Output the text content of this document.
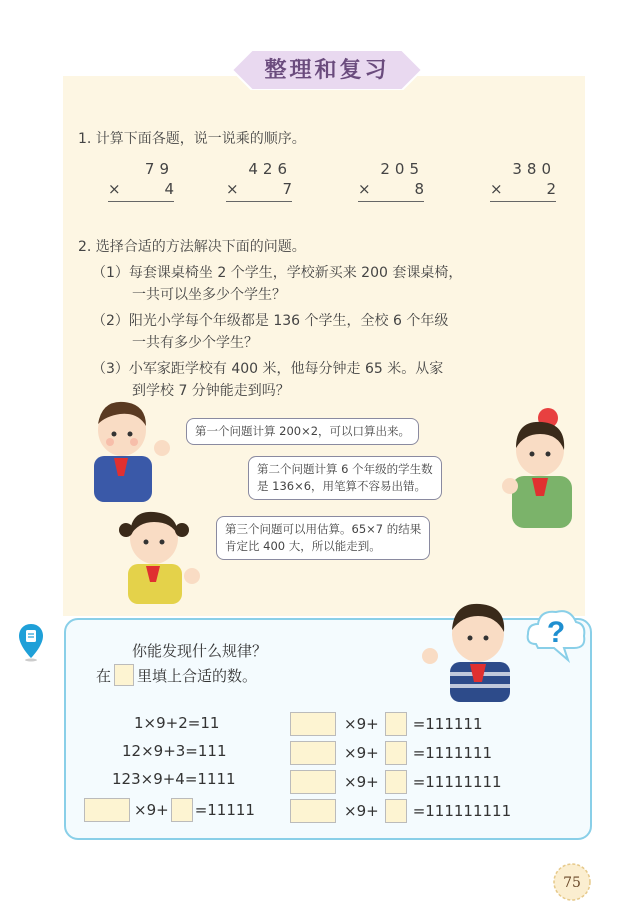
整理和复习
1. 计算下面各题，说一说乘的顺序。
79
×	4
426
×	7
205
×	8
380
×	2
2. 选择合适的方法解决下面的问题。
（1）每套课桌椅坐 2 个学生，学校新买来 200 套课桌椅，
一共可以坐多少个学生？
（2）阳光小学每个年级都是 136 个学生，全校 6 个年级
一共有多少个学生？
（3）小军家距学校有 400 米，他每分钟走 65 米。从家
到学校 7 分钟能走到吗？
第一个问题计算 200×2，可以口算出来。
第二个问题计算 6 个年级的学生数
是 136×6，用笔算不容易出错。
第三个问题可以用估算。65×7 的结果
肯定比 400 大，所以能走到。
你能发现什么规律？
在 里填上合适的数。
?
1×9+2=11
12×9+3=111
123×9+4=1111
×9+ =11111
×9+ =111111
×9+ =1111111
×9+ =11111111
×9+ =111111111
75
